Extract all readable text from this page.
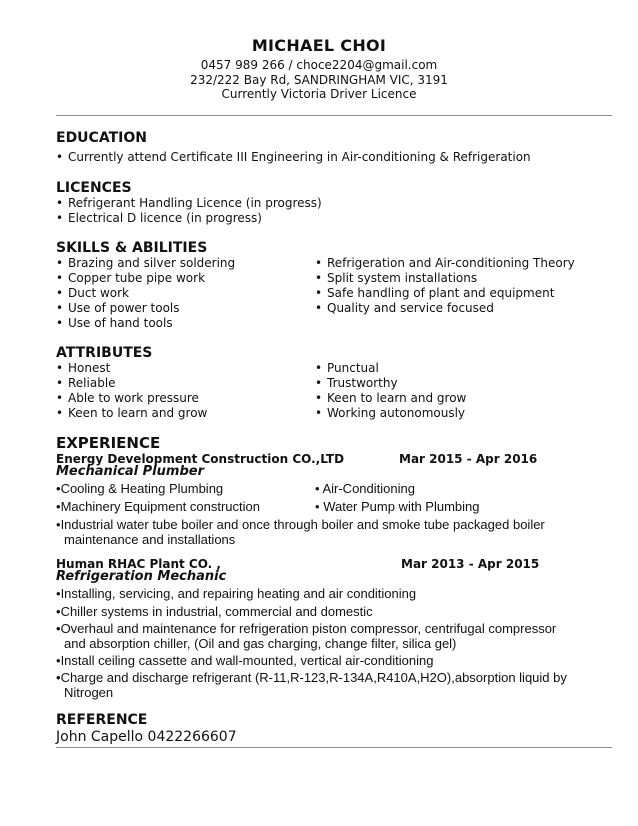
MICHAEL CHOI
0457 989 266 / choce2204@gmail.com
232/222 Bay Rd, SANDRINGHAM VIC, 3191
Currently Victoria Driver Licence
EDUCATION
• Currently attend Certificate III Engineering in Air-conditioning & Refrigeration
LICENCES
• Refrigerant Handling Licence (in progress)
• Electrical D licence (in progress)
SKILLS & ABILITIES
• Brazing and silver soldering
• Copper tube pipe work
• Duct work
• Use of power tools
• Use of hand tools
• Refrigeration and Air-conditioning Theory
• Split system installations
• Safe handling of plant and equipment
• Quality and service focused
ATTRIBUTES
• Honest
• Reliable
• Able to work pressure
• Keen to learn and grow
• Punctual
• Trustworthy
• Keen to learn and grow
• Working autonomously
EXPERIENCE
Energy Development Construction CO.,LTD	Mar 2015 - Apr 2016
Mechanical Plumber
•Cooling & Heating Plumbing	• Air-Conditioning
•Machinery Equipment construction	• Water Pump with Plumbing
•Industrial water tube boiler and once through boiler and smoke tube packaged boiler
maintenance and installations
Human RHAC Plant CO. ,	Mar 2013 - Apr 2015
Refrigeration Mechanic
•Installing, servicing, and repairing heating and air conditioning
•Chiller systems in industrial, commercial and domestic
•Overhaul and maintenance for refrigeration piston compressor, centrifugal compressor
and absorption chiller, (Oil and gas charging, change filter, silica gel)
•Install ceiling cassette and wall-mounted, vertical air-conditioning
•Charge and discharge refrigerant (R-11,R-123,R-134A,R410A,H2O),absorption liquid by
Nitrogen
REFERENCE
John Capello 0422266607
